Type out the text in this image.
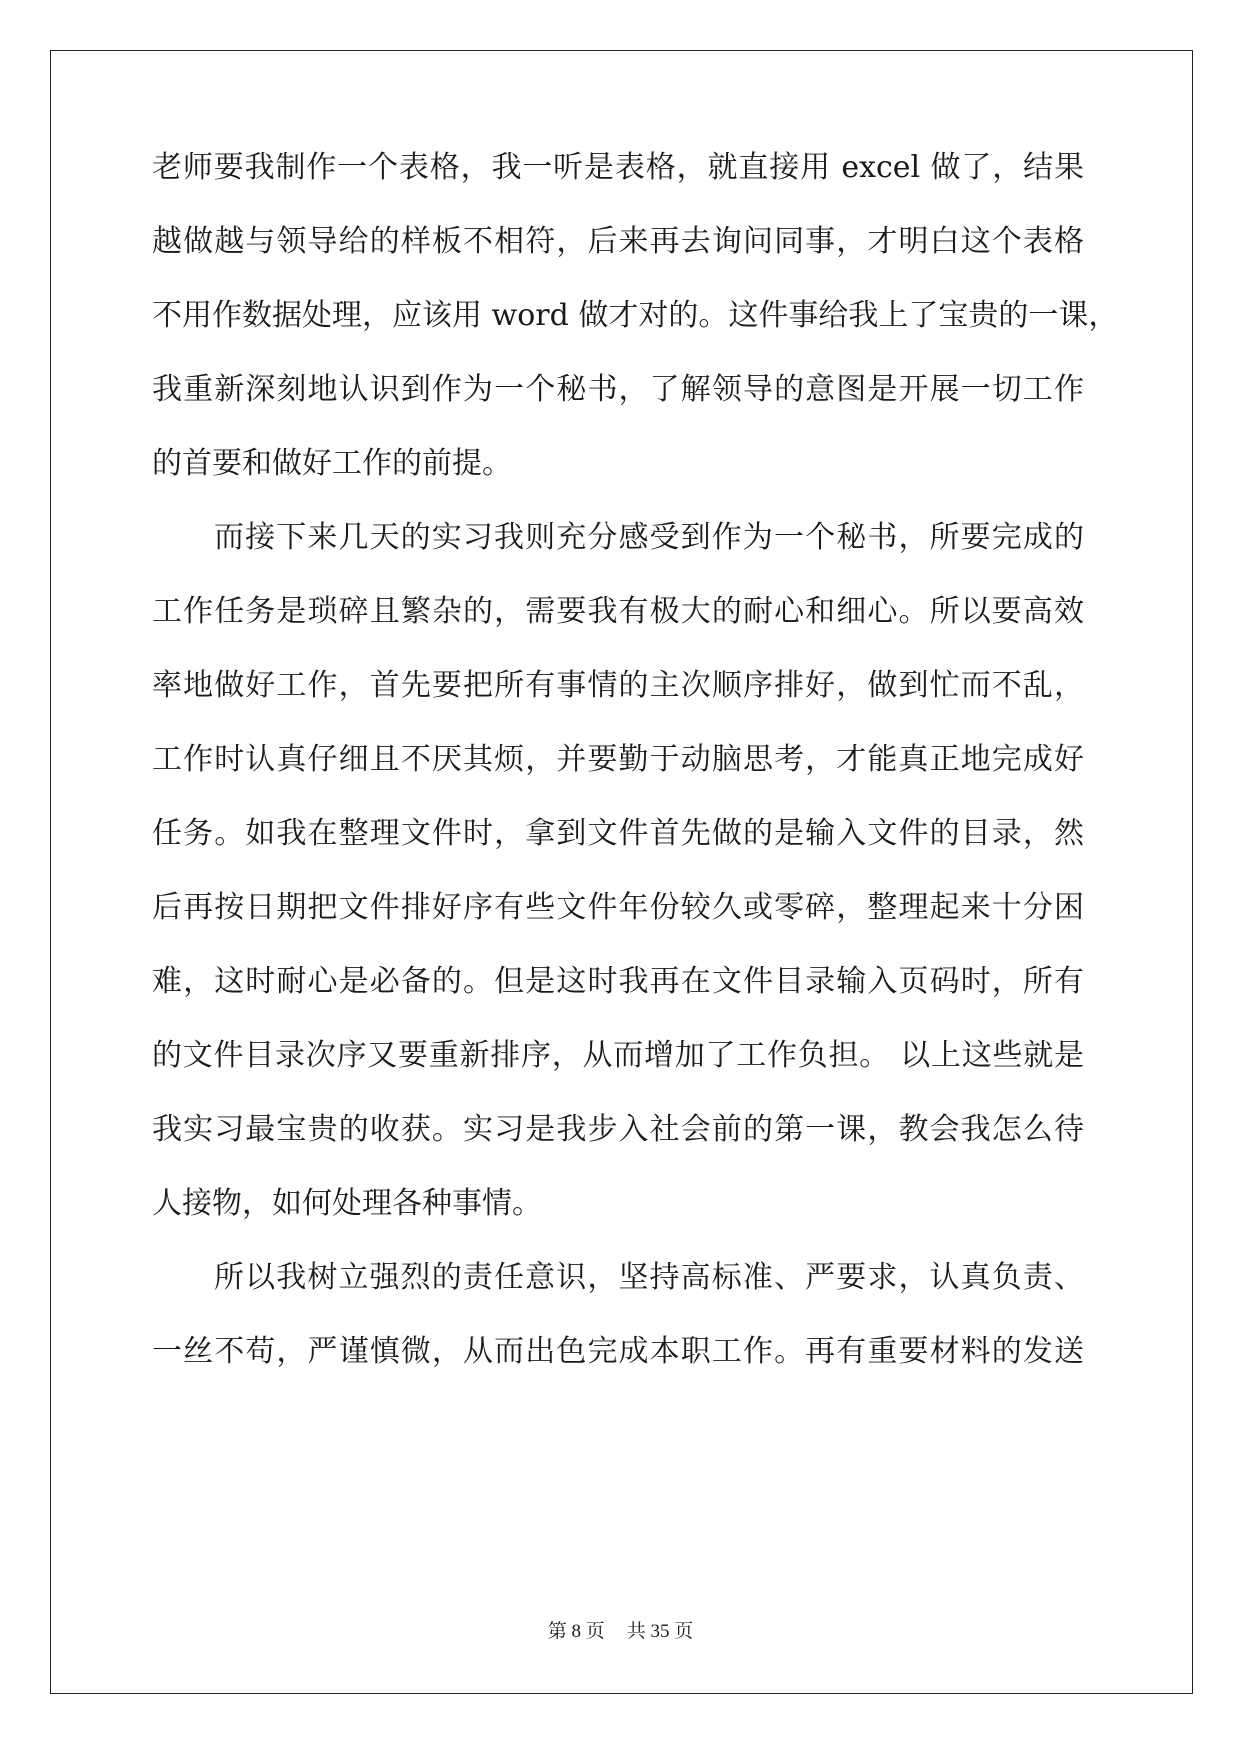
老师要我制作一个表格，我一听是表格，就直接用 excel 做了，结果
越做越与领导给的样板不相符，后来再去询问同事，才明白这个表格
不用作数据处理，应该用 word 做才对的。这件事给我上了宝贵的一课，
我重新深刻地认识到作为一个秘书，了解领导的意图是开展一切工作
的首要和做好工作的前提。
而接下来几天的实习我则充分感受到作为一个秘书，所要完成的
工作任务是琐碎且繁杂的，需要我有极大的耐心和细心。所以要高效
率地做好工作，首先要把所有事情的主次顺序排好，做到忙而不乱，
工作时认真仔细且不厌其烦，并要勤于动脑思考，才能真正地完成好
任务。如我在整理文件时，拿到文件首先做的是输入文件的目录，然
后再按日期把文件排好序有些文件年份较久或零碎，整理起来十分困
难，这时耐心是必备的。但是这时我再在文件目录输入页码时，所有
的文件目录次序又要重新排序，从而增加了工作负担。 以上这些就是
我实习最宝贵的收获。实习是我步入社会前的第一课，教会我怎么待
人接物，如何处理各种事情。
所以我树立强烈的责任意识，坚持高标准、严要求，认真负责、
一丝不苟，严谨慎微，从而出色完成本职工作。再有重要材料的发送
第 8 页 共 35 页
